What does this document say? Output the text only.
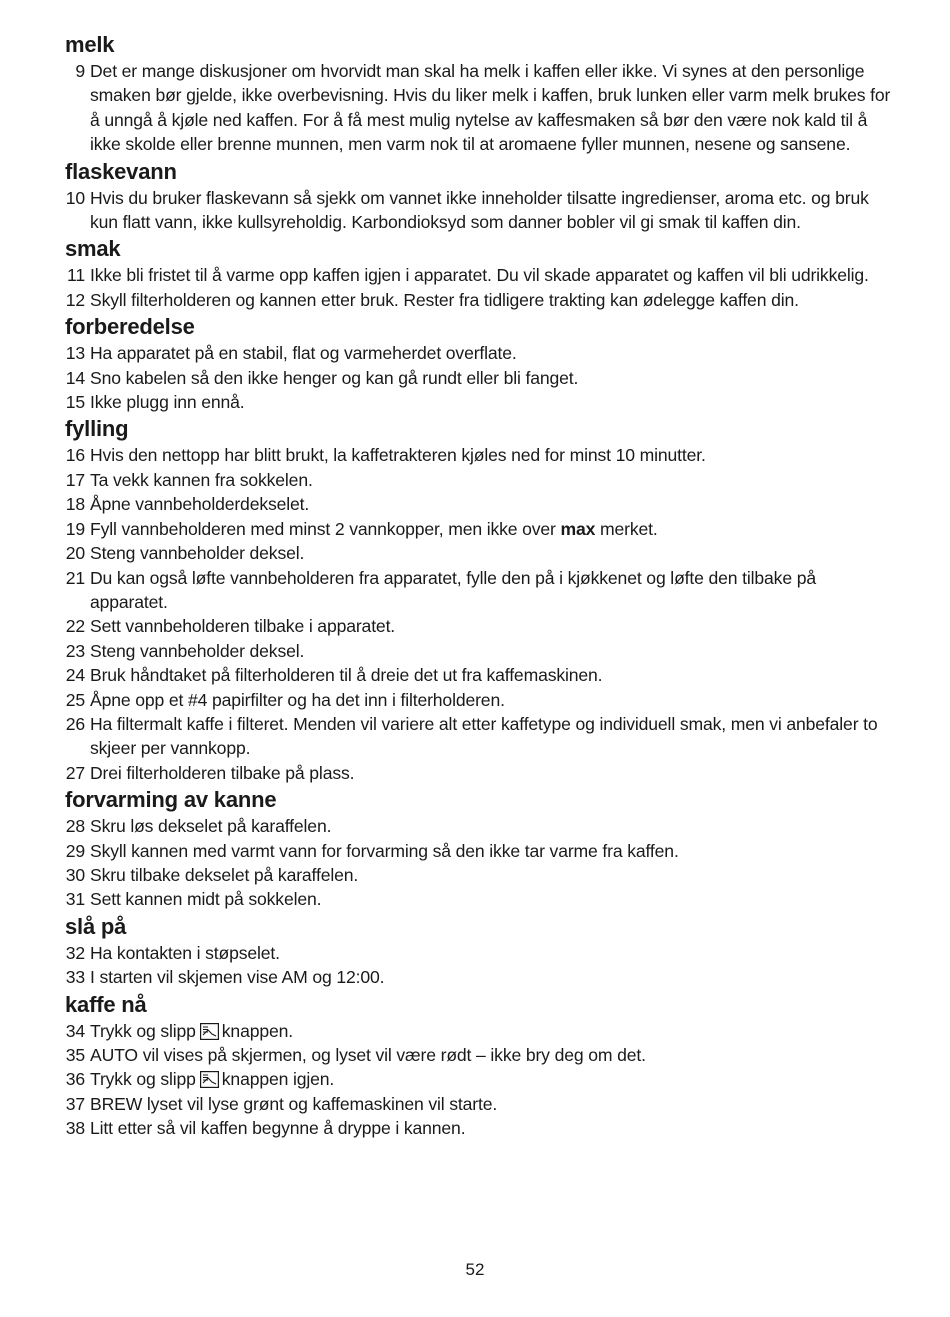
melk
9 Det er mange diskusjoner om hvorvidt man skal ha melk i kaffen eller ikke. Vi synes at den personlige smaken bør gjelde, ikke overbevisning. Hvis du liker melk i kaffen, bruk lunken eller varm melk brukes for å unngå å kjøle ned kaffen. For å få mest mulig nytelse av kaffesmaken så bør den være nok kald til å ikke skolde eller brenne munnen, men varm nok til at aromaene fyller munnen, nesene og sansene.
flaskevann
10 Hvis du bruker flaskevann så sjekk om vannet ikke inneholder tilsatte ingredienser, aroma etc. og bruk kun flatt vann, ikke kullsyreholdig. Karbondioksyd som danner bobler vil gi smak til kaffen din.
smak
11 Ikke bli fristet til å varme opp kaffen igjen i apparatet. Du vil skade apparatet og kaffen vil bli udrikkelig.
12 Skyll filterholderen og kannen etter bruk. Rester fra tidligere trakting kan ødelegge kaffen din.
forberedelse
13 Ha apparatet på en stabil, flat og varmeherdet overflate.
14 Sno kabelen så den ikke henger og kan gå rundt eller bli fanget.
15 Ikke plugg inn ennå.
fylling
16 Hvis den nettopp har blitt brukt, la kaffetrakteren kjøles ned for minst 10 minutter.
17 Ta vekk kannen fra sokkelen.
18 Åpne vannbeholderdekselet.
19 Fyll vannbeholderen med minst 2 vannkopper, men ikke over max merket.
20 Steng vannbeholder deksel.
21 Du kan også løfte vannbeholderen fra apparatet, fylle den på i kjøkkenet og løfte den tilbake på apparatet.
22 Sett vannbeholderen tilbake i apparatet.
23 Steng vannbeholder deksel.
24 Bruk håndtaket på filterholderen til å dreie det ut fra kaffemaskinen.
25 Åpne opp et #4 papirfilter og ha det inn i filterholderen.
26 Ha filtermalt kaffe i filteret. Menden vil variere alt etter kaffetype og individuell smak, men vi anbefaler to skjeer per vannkopp.
27 Drei filterholderen tilbake på plass.
forvarming av kanne
28 Skru løs dekselet på karaffelen.
29 Skyll kannen med varmt vann for forvarming så den ikke tar varme fra kaffen.
30 Skru tilbake dekselet på karaffelen.
31 Sett kannen midt på sokkelen.
slå på
32 Ha kontakten i støpselet.
33 I starten vil skjemen vise AM og 12:00.
kaffe nå
34 Trykk og slipp knappen.
35 AUTO vil vises på skjermen, og lyset vil være rødt – ikke bry deg om det.
36 Trykk og slipp knappen igjen.
37 BREW lyset vil lyse grønt og kaffemaskinen vil starte.
38 Litt etter så vil kaffen begynne å dryppe i kannen.
52
